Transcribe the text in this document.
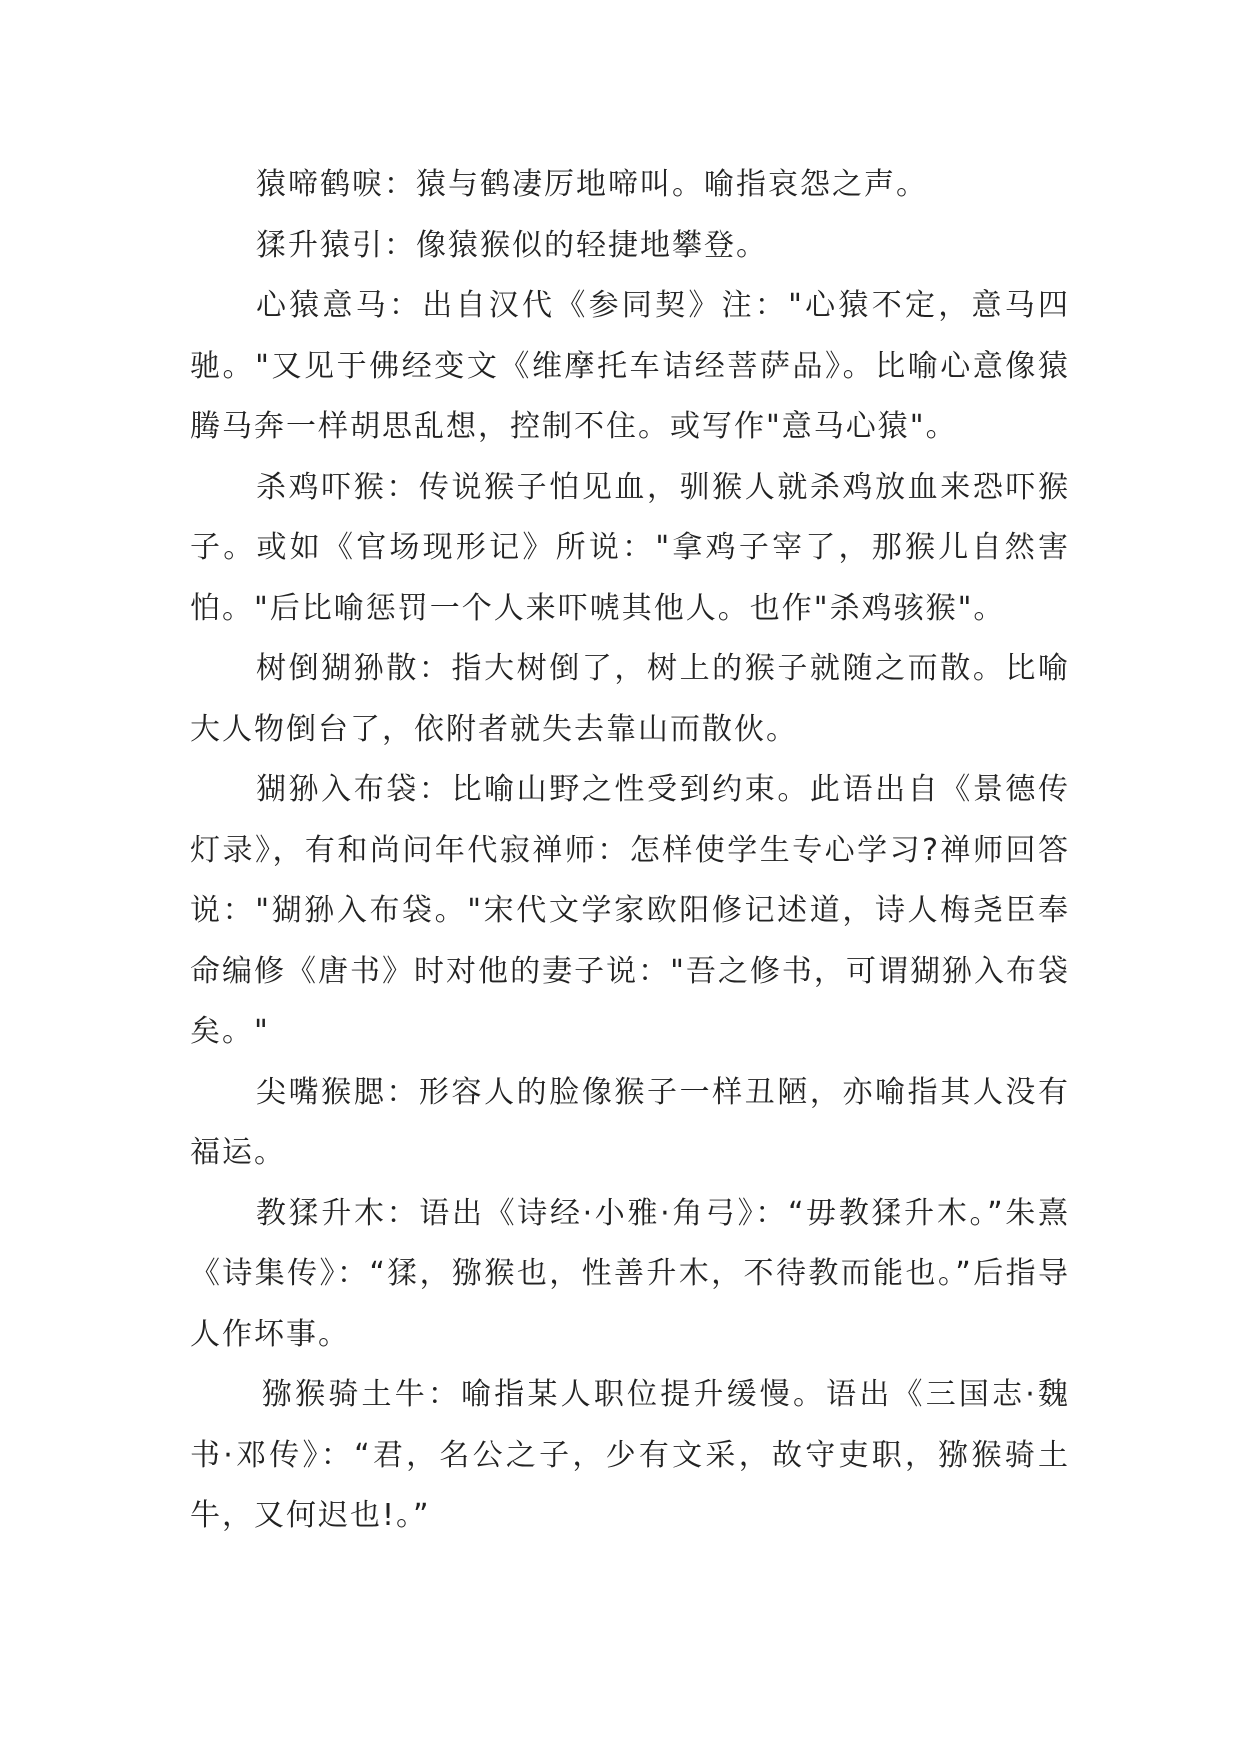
猿啼鹤唳：猿与鹤凄厉地啼叫。喻指哀怨之声。

猱升猿引：像猿猴似的轻捷地攀登。

心猿意马：出自汉代《参同契》注："心猿不定，意马四驰。"又见于佛经变文《维摩托车诘经菩萨品》。比喻心意像猿腾马奔一样胡思乱想，控制不住。或写作"意马心猿"。

杀鸡吓猴：传说猴子怕见血，驯猴人就杀鸡放血来恐吓猴子。或如《官场现形记》所说："拿鸡子宰了，那猴儿自然害怕。"后比喻惩罚一个人来吓唬其他人。也作"杀鸡骇猴"。

树倒猢狲散：指大树倒了，树上的猴子就随之而散。比喻大人物倒台了，依附者就失去靠山而散伙。

猢狲入布袋：比喻山野之性受到约束。此语出自《景德传灯录》，有和尚问年代寂禅师：怎样使学生专心学习?禅师回答说："猢狲入布袋。"宋代文学家欧阳修记述道，诗人梅尧臣奉命编修《唐书》时对他的妻子说："吾之修书，可谓猢狲入布袋矣。"

尖嘴猴腮：形容人的脸像猴子一样丑陋，亦喻指其人没有福运。

教猱升木：语出《诗经·小雅·角弓》：“毋教猱升木。”朱熹《诗集传》：“猱，猕猴也，性善升木，不待教而能也。”后指导人作坏事。

猕猴骑土牛：喻指某人职位提升缓慢。语出《三国志·魏书·邓传》：“君，名公之子，少有文采，故守吏职，猕猴骑土牛，又何迟也!。”
